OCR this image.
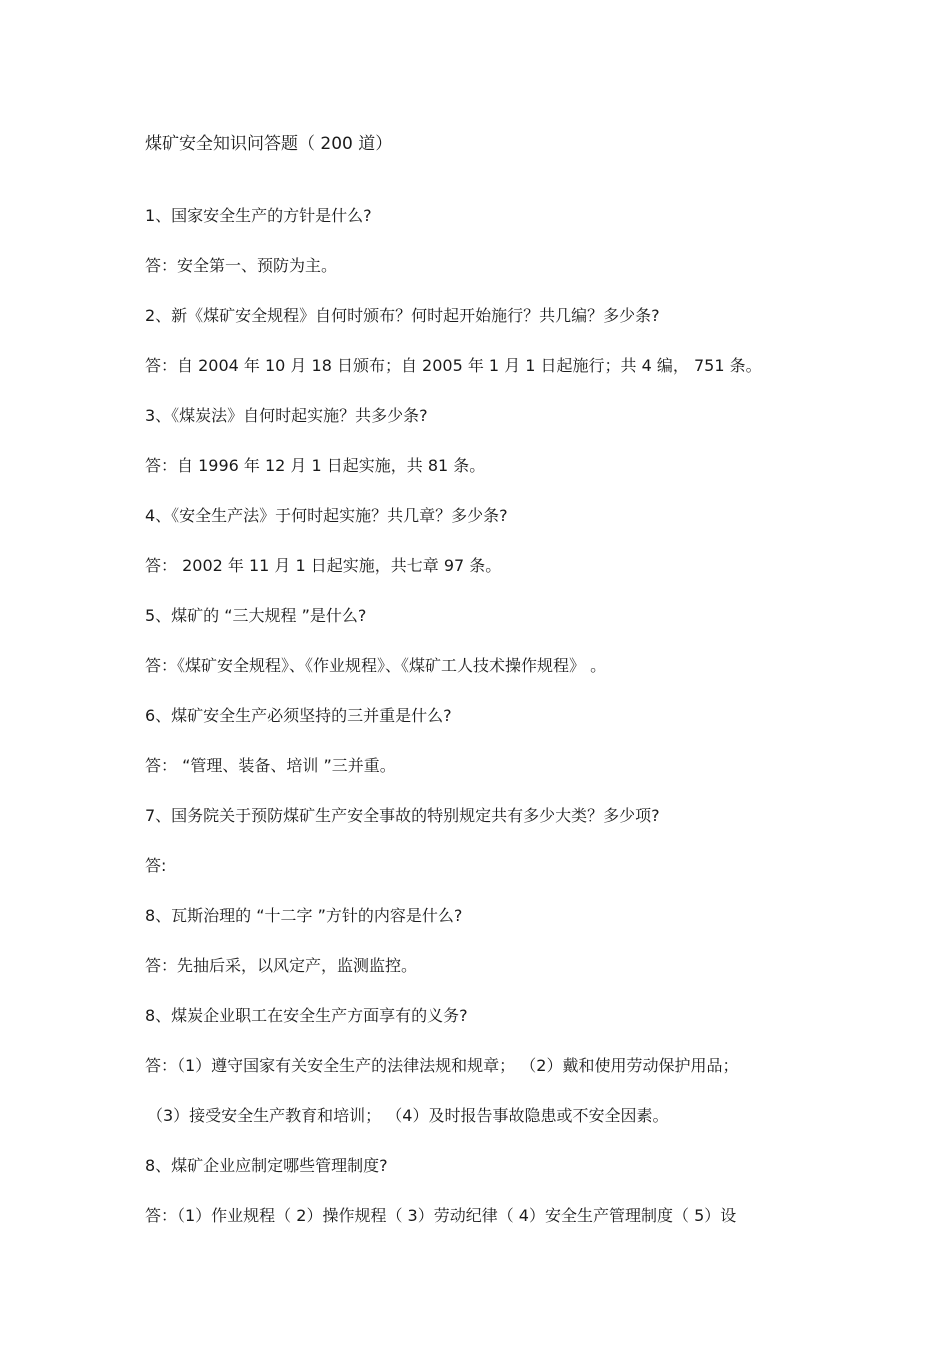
煤矿安全知识问答题（ 200 道）
1、国家安全生产的方针是什么?
答：安全第一、预防为主。
2、新《煤矿安全规程》自何时颁布？何时起开始施行？共几编？多少条?
答：自 2004 年 10 月 18 日颁布；自 2005 年 1 月 1 日起施行；共 4 编， 751 条。
3、《煤炭法》自何时起实施？共多少条?
答：自 1996 年 12 月 1 日起实施，共 81 条。
4、《安全生产法》于何时起实施？共几章？多少条?
答： 2002 年 11 月 1 日起实施，共七章 97 条。
5、煤矿的 “三大规程 ”是什么?
答：《煤矿安全规程》、《作业规程》、《煤矿工人技术操作规程》 。
6、煤矿安全生产必须坚持的三并重是什么?
答： “管理、装备、培训 ”三并重。
7、国务院关于预防煤矿生产安全事故的特别规定共有多少大类？多少项?
答:
8、瓦斯治理的 “十二字 ”方针的内容是什么?
答：先抽后采，以风定产，监测监控。
8、煤炭企业职工在安全生产方面享有的义务?
答：（1）遵守国家有关安全生产的法律法规和规章； （2）戴和使用劳动保护用品；
（3）接受安全生产教育和培训； （4）及时报告事故隐患或不安全因素。
8、煤矿企业应制定哪些管理制度?
答：（1）作业规程（ 2）操作规程（ 3）劳动纪律（ 4）安全生产管理制度（ 5）设
